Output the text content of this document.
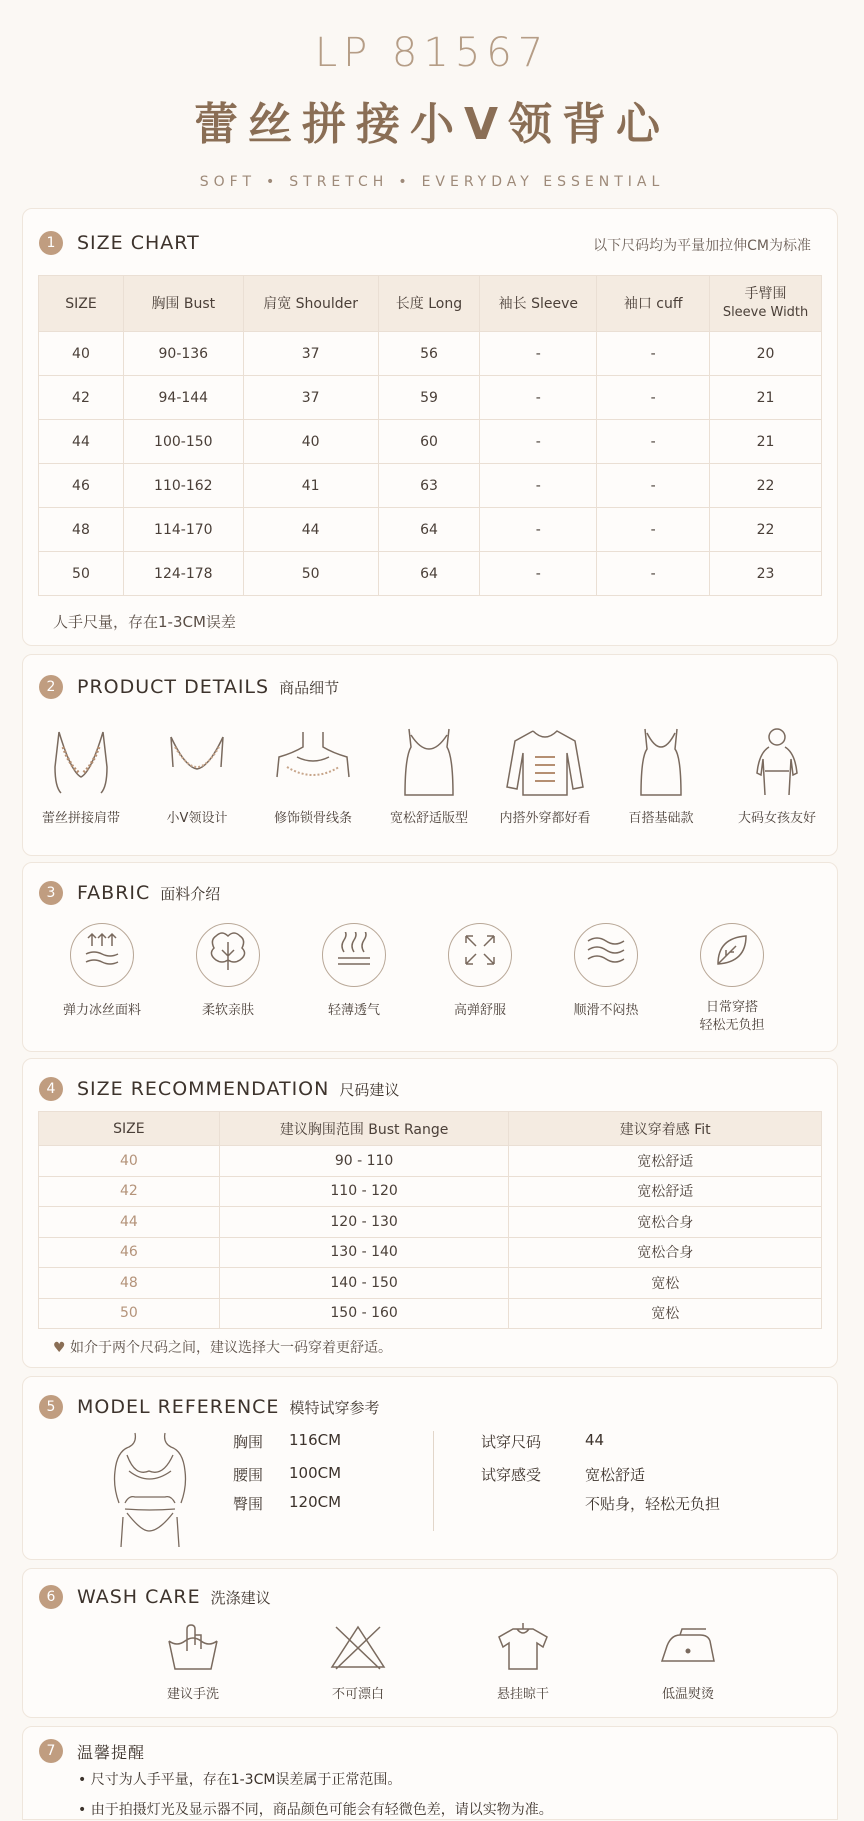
LP 81567
蕾丝拼接小V领背心
SOFT • STRETCH • EVERYDAY ESSENTIAL
1	SIZE CHART	以下尺码均为平量加拉伸CM为标准
SIZE	胸围 Bust	肩宽 Shoulder	长度 Long	袖长 Sleeve	袖口 cuff	手臂围
Sleeve Width
40	90-136	37	56	-	-	20
42	94-144	37	59	-	-	21
44	100-150	40	60	-	-	21
46	110-162	41	63	-	-	22
48	114-170	44	64	-	-	22
50	124-178	50	64	-	-	23
人手尺量，存在1-3CM误差
2	PRODUCT DETAILS 商品细节
蕾丝拼接肩带	小V领设计	修饰锁骨线条	宽松舒适版型	内搭外穿都好看	百搭基础款	大码女孩友好
3	FABRIC 面料介绍
弹力冰丝面料	柔软亲肤	轻薄透气	高弹舒服	顺滑不闷热	日常穿搭
轻松无负担
4	SIZE RECOMMENDATION 尺码建议
SIZE	建议胸围范围 Bust Range	建议穿着感 Fit
40	90 - 110	宽松舒适
42	110 - 120	宽松舒适
44	120 - 130	宽松合身
46	130 - 140	宽松合身
48	140 - 150	宽松
50	150 - 160	宽松
♥ 如介于两个尺码之间，建议选择大一码穿着更舒适。
5	MODEL REFERENCE 模特试穿参考
胸围	116CM
腰围	100CM
臀围	120CM
试穿尺码	44
试穿感受	宽松舒适
不贴身，轻松无负担
6	WASH CARE 洗涤建议
建议手洗	不可漂白	悬挂晾干	低温熨烫
7	温馨提醒
• 尺寸为人手平量，存在1-3CM误差属于正常范围。
• 由于拍摄灯光及显示器不同，商品颜色可能会有轻微色差，请以实物为准。
